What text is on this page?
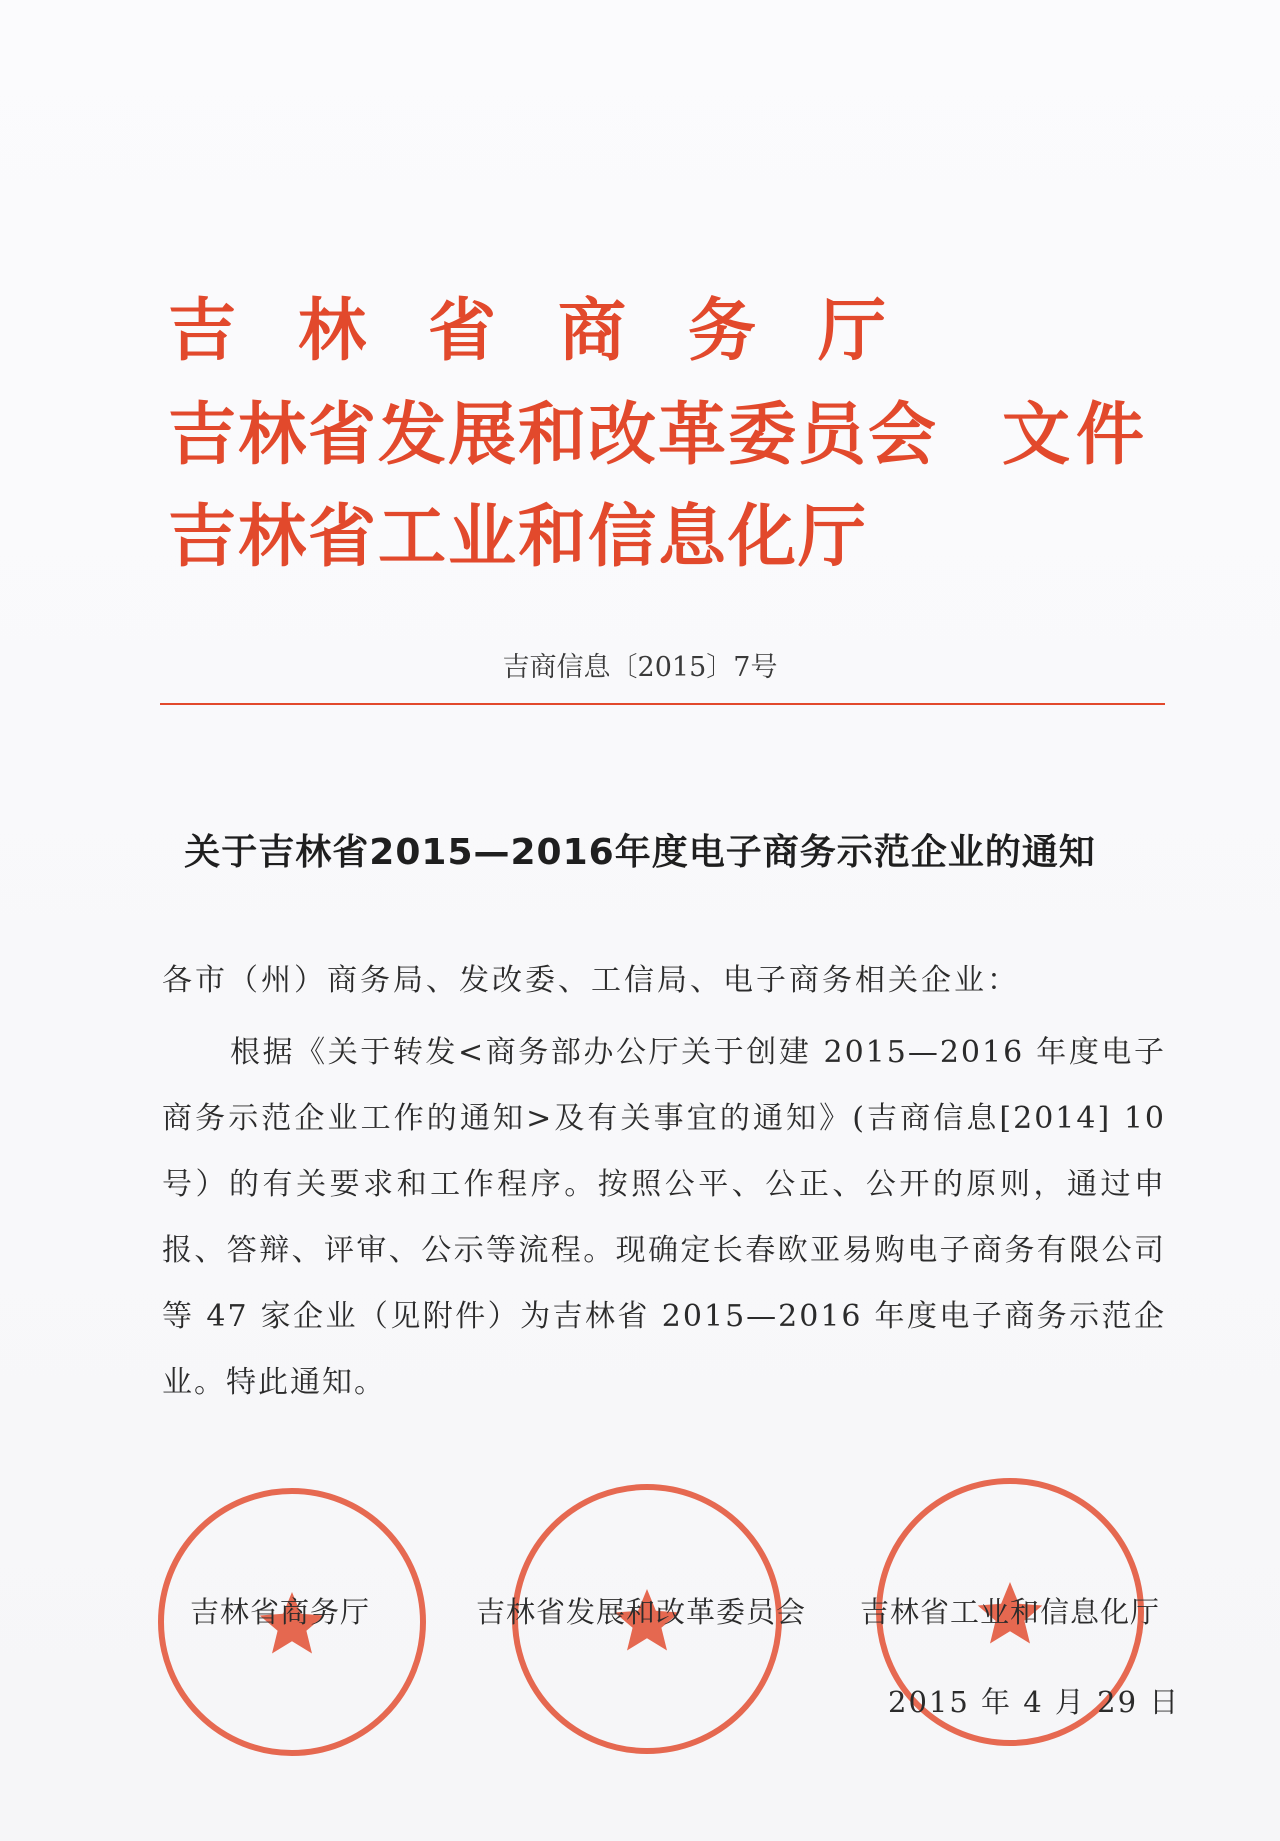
吉林省商务厅
吉林省发展和改革委员会 文件
吉林省工业和信息化厅
吉商信息〔2015〕7号
关于吉林省2015—2016年度电子商务示范企业的通知
各市（州）商务局、发改委、工信局、电子商务相关企业：
根据《关于转发<商务部办公厅关于创建 2015—2016 年度电子商务示范企业工作的通知>及有关事宜的通知》(吉商信息[2014] 10 号）的有关要求和工作程序。按照公平、公正、公开的原则，通过申报、答辩、评审、公示等流程。现确定长春欧亚易购电子商务有限公司等 47 家企业（见附件）为吉林省 2015—2016 年度电子商务示范企业。特此通知。
吉林省商务厅	吉林省发展和改革委员会 吉林省工业和信息化厅
2015 年 4 月 29 日
